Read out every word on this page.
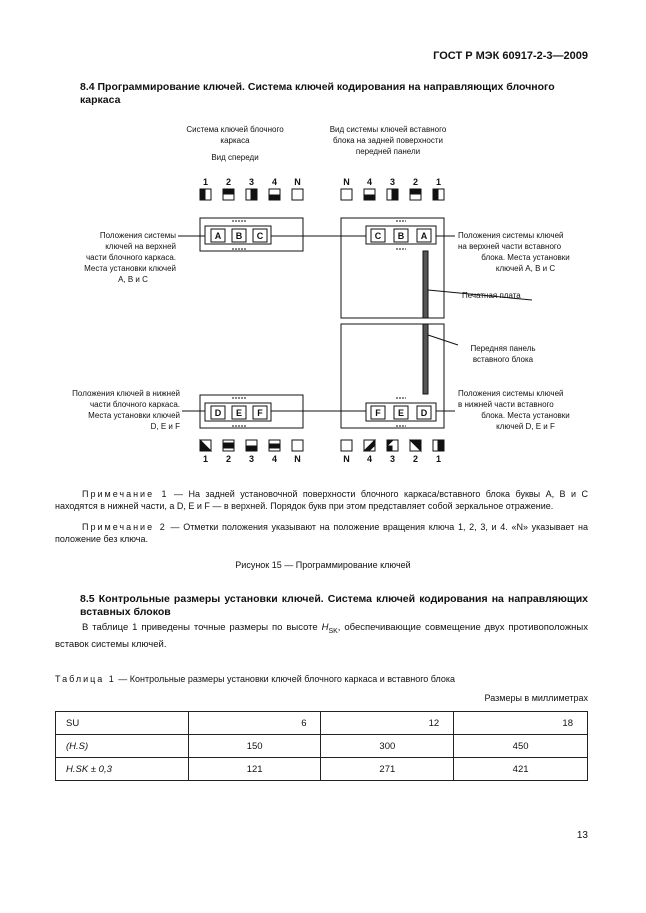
ГОСТ Р МЭК 60917-2-3—2009
8.4 Программирование ключей. Система ключей кодирования на направляющих блочного каркаса
Система ключей блочного
каркаса
Вид спереди
Вид системы ключей вставного
блока на задней поверхности
передней панели
1	2	3	4	N	N	4	3	2	1
A B C	C B A
D E F	F E D
Положения системы
ключей на верхней
части блочного каркаса.
Места установки ключей
А, В и С
Положения ключей в нижней
части блочного каркаса.
Места установки ключей
D, E и F
Положения системы ключей
на верхней части вставного
блока. Места установки
ключей А, В и С
Печатная плата
Передняя панель
вставного блока
Положения системы ключей
в нижней части вставного
блока. Места установки
ключей D, E и F
1	2	3	4	N	N	4	3	2	1
Примечание 1 — На задней установочной поверхности блочного каркаса/вставного блока буквы А, В и С находятся в нижней части, а D, E и F — в верхней. Порядок букв при этом представляет собой зеркальное отражение.
Примечание 2 — Отметки положения указывают на положение вращения ключа 1, 2, 3, и 4. «N» указывает на положение без ключа.
Рисунок 15 — Программирование ключей
8.5 Контрольные размеры установки ключей. Система ключей кодирования на направляющих вставных блоков
В таблице 1 приведены точные размеры по высоте $H_{SK}$, обеспечивающие совмещение двух противоположных вставок системы ключей.
Таблица 1 — Контрольные размеры установки ключей блочного каркаса и вставного блока
Размеры в миллиметрах
SU	6	12	18
(H.S)	150	300	450
H.SK ± 0,3	121	271	421
13
